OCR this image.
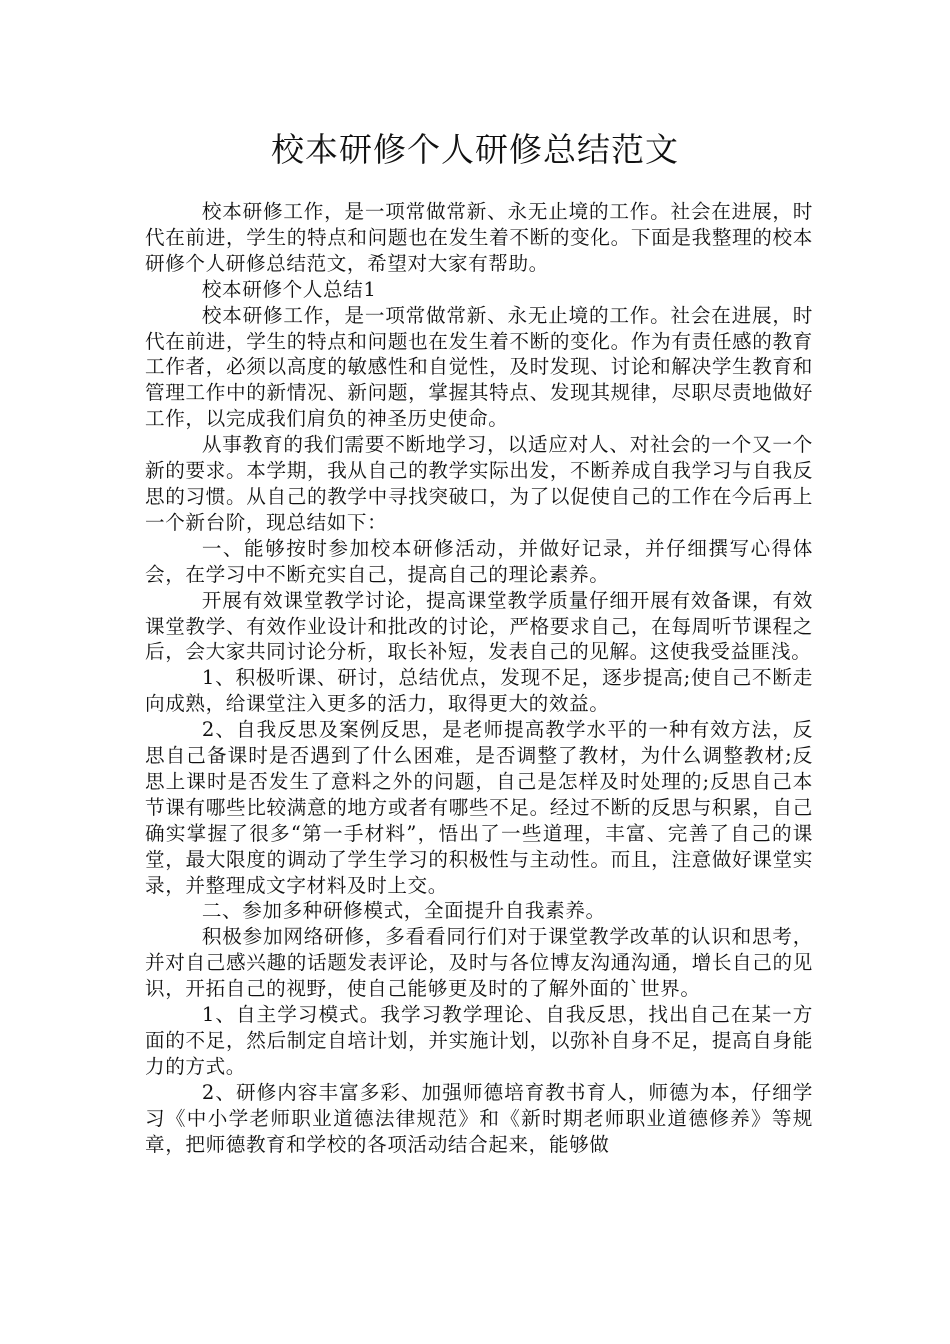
校本研修个人研修总结范文

校本研修工作，是一项常做常新、永无止境的工作。社会在进展，时代在前进，学生的特点和问题也在发生着不断的变化。下面是我整理的校本研修个人研修总结范文，希望对大家有帮助。

校本研修个人总结1

校本研修工作，是一项常做常新、永无止境的工作。社会在进展，时代在前进，学生的特点和问题也在发生着不断的变化。作为有责任感的教育工作者，必须以高度的敏感性和自觉性，及时发现、讨论和解决学生教育和管理工作中的新情况、新问题，掌握其特点、发现其规律，尽职尽责地做好工作，以完成我们肩负的神圣历史使命。

从事教育的我们需要不断地学习，以适应对人、对社会的一个又一个新的要求。本学期，我从自己的教学实际出发，不断养成自我学习与自我反思的习惯。从自己的教学中寻找突破口，为了以促使自己的工作在今后再上一个新台阶，现总结如下：

一、能够按时参加校本研修活动，并做好记录，并仔细撰写心得体会，在学习中不断充实自己，提高自己的理论素养。

开展有效课堂教学讨论，提高课堂教学质量仔细开展有效备课，有效课堂教学、有效作业设计和批改的讨论，严格要求自己，在每周听节课程之后，会大家共同讨论分析，取长补短，发表自己的见解。这使我受益匪浅。

1、积极听课、研讨，总结优点，发现不足，逐步提高;使自己不断走向成熟，给课堂注入更多的活力，取得更大的效益。

2、自我反思及案例反思，是老师提高教学水平的一种有效方法，反思自己备课时是否遇到了什么困难，是否调整了教材，为什么调整教材;反思上课时是否发生了意料之外的问题，自己是怎样及时处理的;反思自己本节课有哪些比较满意的地方或者有哪些不足。经过不断的反思与积累，自己确实掌握了很多“第一手材料”，悟出了一些道理，丰富、完善了自己的课堂，最大限度的调动了学生学习的积极性与主动性。而且，注意做好课堂实录，并整理成文字材料及时上交。

二、参加多种研修模式，全面提升自我素养。

积极参加网络研修，多看看同行们对于课堂教学改革的认识和思考，并对自己感兴趣的话题发表评论，及时与各位博友沟通沟通，增长自己的见识，开拓自己的视野，使自己能够更及时的了解外面的`世界。

1、自主学习模式。我学习教学理论、自我反思，找出自己在某一方面的不足，然后制定自培计划，并实施计划，以弥补自身不足，提高自身能力的方式。

2、研修内容丰富多彩、加强师德培育教书育人，师德为本，仔细学习《中小学老师职业道德法律规范》和《新时期老师职业道德修养》等规章，把师德教育和学校的各项活动结合起来，能够做
